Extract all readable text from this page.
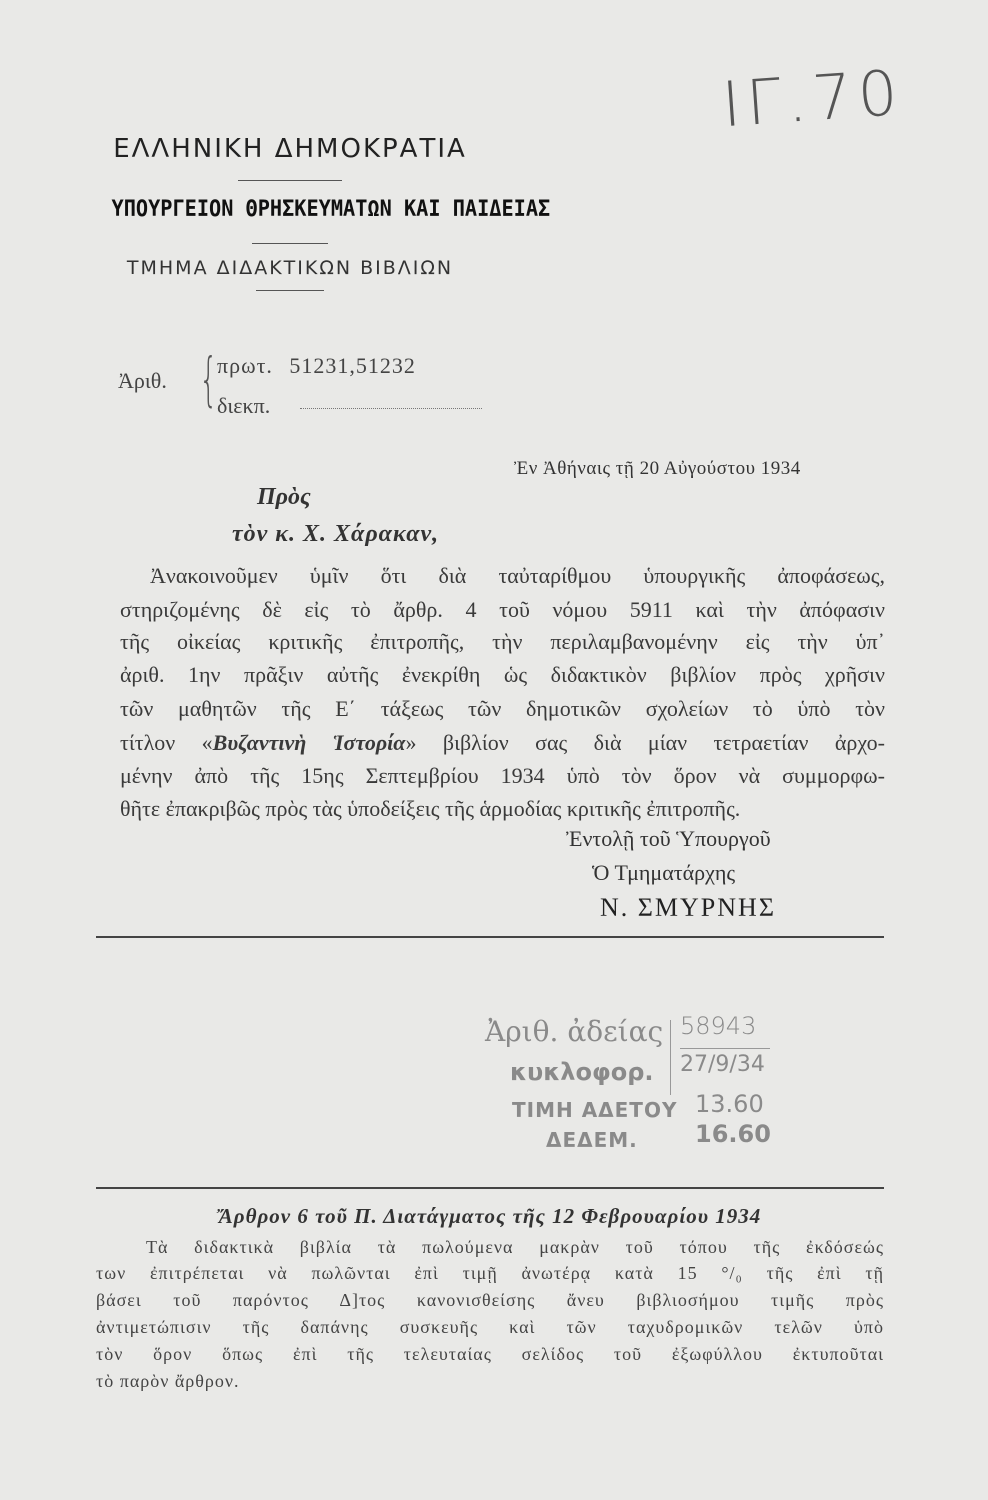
ΙΓ.70
ΕΛΛΗΝΙΚΗ ΔΗΜΟΚΡΑΤΙΑ
ΥΠΟΥΡΓΕΙΟΝ ΘΡΗΣΚΕΥΜΑΤΩΝ ΚΑΙ ΠΑΙΔΕΙΑΣ
ΤΜΗΜΑ ΔΙΔΑΚΤΙΚΩΝ ΒΙΒΛΙΩΝ
Ἀριθ. { πρωτ. 51231,51232
διεκπ.
Ἐν Ἀθήναις τῇ 20 Αὐγούστου 1934
Πρὸς
τὸν κ. Χ. Χάρακαν,
Ἀνακοινοῦμεν ὑμῖν ὅτι διὰ ταὐταρίθμου ὑπουργικῆς ἀποφάσεως,
στηριζομένης δὲ εἰς τὸ ἄρθρ. 4 τοῦ νόμου 5911 καὶ τὴν ἀπόφασιν
τῆς οἰκείας κριτικῆς ἐπιτροπῆς, τὴν περιλαμβανομένην εἰς τὴν ὑπ᾽
ἀριθ. 1ην πρᾶξιν αὐτῆς ἐνεκρίθη ὡς διδακτικὸν βιβλίον πρὸς χρῆσιν
τῶν μαθητῶν τῆς Ε΄ τάξεως τῶν δημοτικῶν σχολείων τὸ ὑπὸ τὸν
τίτλον «Βυζαντινὴ Ἱστορία» βιβλίον σας διὰ μίαν τετραετίαν ἀρχο-
μένην ἀπὸ τῆς 15ης Σεπτεμβρίου 1934 ὑπὸ τὸν ὅρον νὰ συμμορφω-
θῆτε ἐπακριβῶς πρὸς τὰς ὑποδείξεις τῆς ἁρμοδίας κριτικῆς ἐπιτροπῆς.
Ἐντολῇ τοῦ Ὑπουργοῦ
Ὁ Τμηματάρχης
Ν. ΣΜΥΡΝΗΣ
Ἀριθ. ἀδείας
κυκλοφορ.
ΤΙΜΗ ΑΔΕΤΟΥ
ΔΕΔΕΜ.
58943
27/9/34
13.60
16.60
Ἄρθρον 6 τοῦ Π. Διατάγματος τῆς 12 Φεβρουαρίου 1934
Τὰ διδακτικὰ βιβλία τὰ πωλούμενα μακρὰν τοῦ τόπου τῆς ἐκδόσεώς
των ἐπιτρέπεται νὰ πωλῶνται ἐπὶ τιμῇ ἀνωτέρᾳ κατὰ 15 °/₀ τῆς ἐπὶ τῇ
βάσει τοῦ παρόντος Δ]τος κανονισθείσης ἄνευ βιβλιοσήμου τιμῆς πρὸς
ἀντιμετώπισιν τῆς δαπάνης συσκευῆς καὶ τῶν ταχυδρομικῶν τελῶν ὑπὸ
τὸν ὅρον ὅπως ἐπὶ τῆς τελευταίας σελίδος τοῦ ἐξωφύλλου ἐκτυποῦται
τὸ παρὸν ἄρθρον.
